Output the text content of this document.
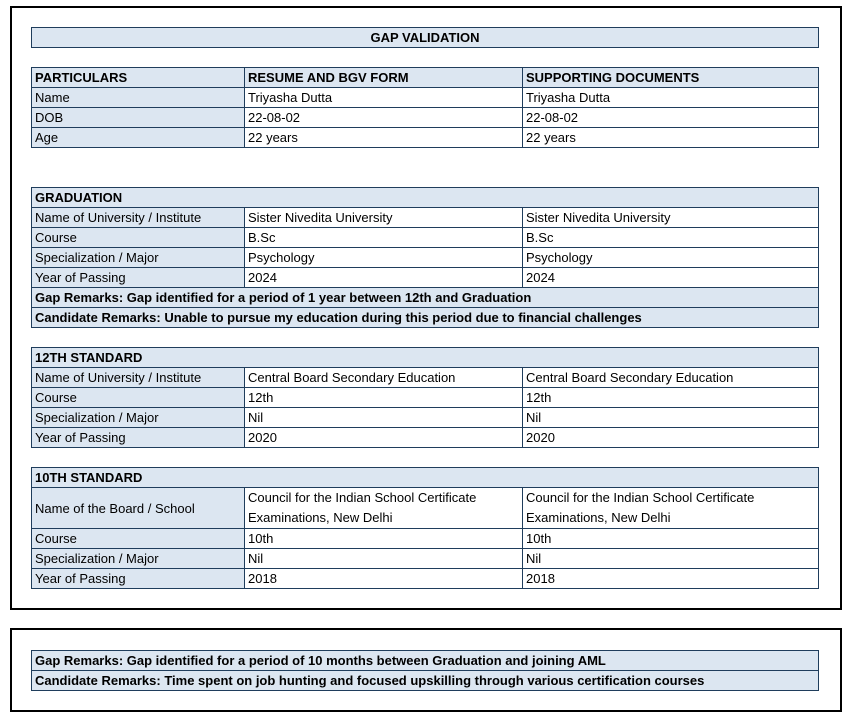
GAP VALIDATION
PARTICULARS	RESUME AND BGV FORM	SUPPORTING DOCUMENTS
Name	Triyasha Dutta	Triyasha Dutta
DOB	22-08-02	22-08-02
Age	22 years	22 years
GRADUATION		
Name of University / Institute	Sister Nivedita University	Sister Nivedita University
Course	B.Sc	B.Sc
Specialization / Major	Psychology	Psychology
Year of Passing	2024	2024
Gap Remarks: Gap identified for a period of 1 year between 12th and Graduation		
Candidate Remarks: Unable to pursue my education during this period due to financial challenges		
12TH STANDARD		
Name of University / Institute	Central Board Secondary Education	Central Board Secondary Education
Course	12th	12th
Specialization / Major	Nil	Nil
Year of Passing	2020	2020
10TH STANDARD		
Name of the Board / School	Council for the Indian School Certificate Examinations, New Delhi	Council for the Indian School Certificate Examinations, New Delhi
Course	10th	10th
Specialization / Major	Nil	Nil
Year of Passing	2018	2018
Gap Remarks: Gap identified for a period of 10 months between Graduation and joining AML
Candidate Remarks: Time spent on job hunting and focused upskilling through various certification courses
